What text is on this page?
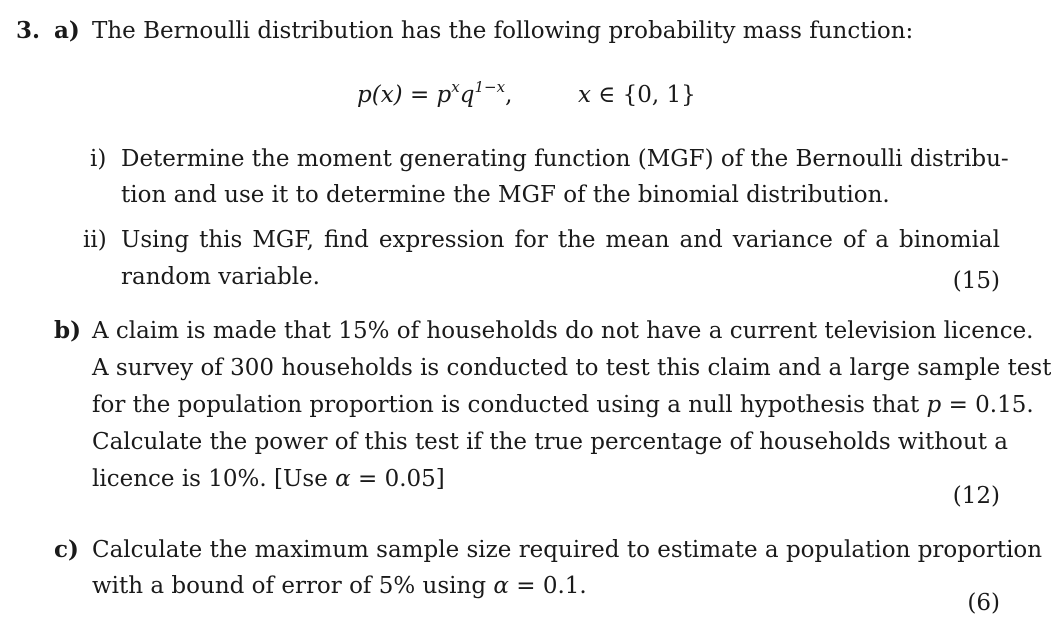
3. a) The Bernoulli distribution has the following probability mass function:
$p(x) = p^xq^{1-x}$,	x ∈ {0, 1}
i) Determine the moment generating function (MGF) of the Bernoulli distribu-
tion and use it to determine the MGF of the binomial distribution.
ii) Using this MGF, find expression for the mean and variance of a binomial
random variable.	(15)
b) A claim is made that 15% of households do not have a current television licence.
A survey of 300 households is conducted to test this claim and a large sample test
for the population proportion is conducted using a null hypothesis that p = 0.15.
Calculate the power of this test if the true percentage of households without a
licence is 10%. [Use α = 0.05]
(12)
c) Calculate the maximum sample size required to estimate a population proportion
with a bound of error of 5% using α = 0.1.
(6)
